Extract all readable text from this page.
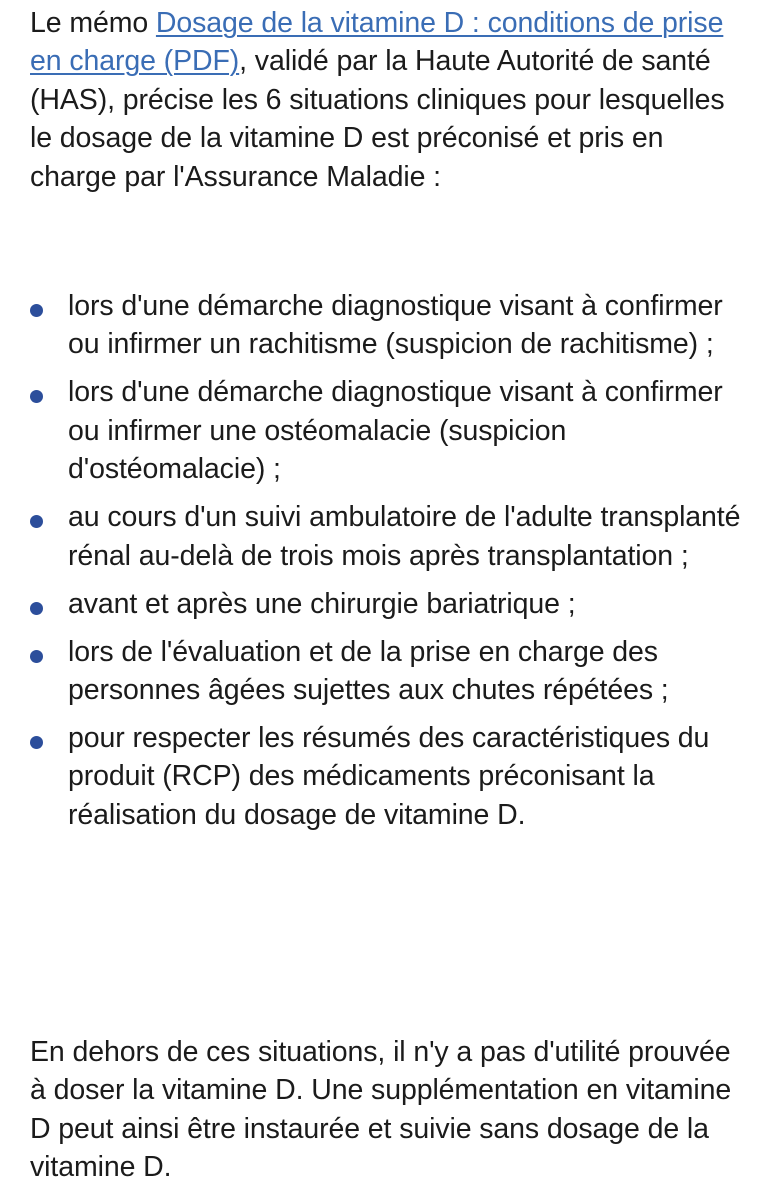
Le mémo Dosage de la vitamine D : conditions de prise en charge (PDF), validé par la Haute Autorité de santé (HAS), précise les 6 situations cliniques pour lesquelles le dosage de la vitamine D est préconisé et pris en charge par l'Assurance Maladie :

lors d'une démarche diagnostique visant à confirmer ou infirmer un rachitisme (suspicion de rachitisme) ;
lors d'une démarche diagnostique visant à confirmer ou infirmer une ostéomalacie (suspicion d'ostéomalacie) ;
au cours d'un suivi ambulatoire de l'adulte transplanté rénal au-delà de trois mois après transplantation ;
avant et après une chirurgie bariatrique ;
lors de l'évaluation et de la prise en charge des personnes âgées sujettes aux chutes répétées ;
pour respecter les résumés des caractéristiques du produit (RCP) des médicaments préconisant la réalisation du dosage de vitamine D.

En dehors de ces situations, il n'y a pas d'utilité prouvée à doser la vitamine D. Une supplémentation en vitamine D peut ainsi être instaurée et suivie sans dosage de la vitamine D.
